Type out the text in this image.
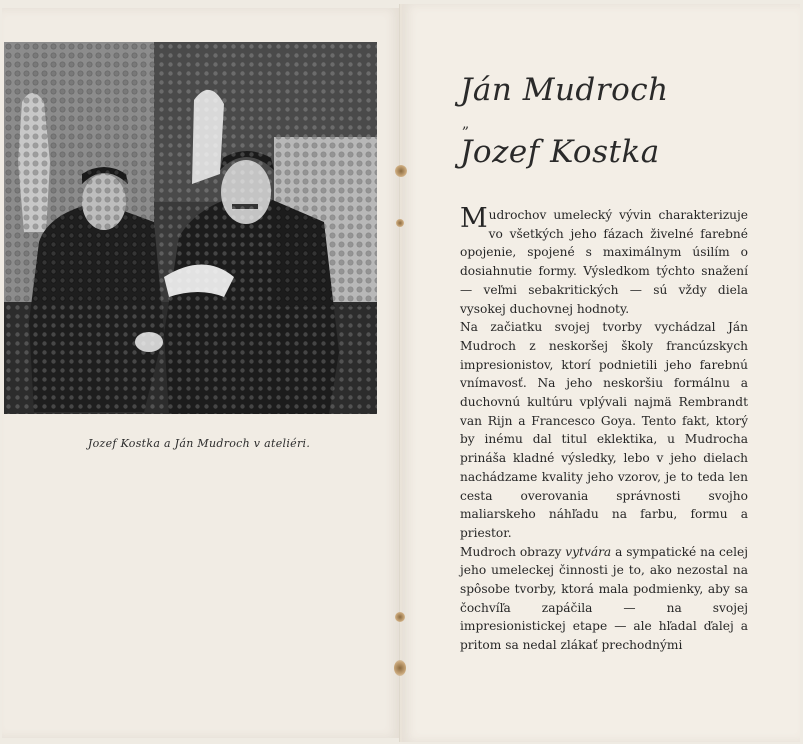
Jozef Kostka a Ján Mudroch v ateliéri.
Ján Mudroch
„
Jozef Kostka

Mudrochov umelecký vývin charakterizuje vo všetkých jeho fázach živelné farebné opojenie, spojené s maximálnym úsilím o dosiahnutie formy. Výsledkom týchto snažení — veľmi sebakritických — sú vždy diela vysokej duchovnej hodnoty.

Na začiatku svojej tvorby vychádzal Ján Mudroch z neskoršej školy francúzskych impresionistov, ktorí podnietili jeho farebnú vnímavosť. Na jeho neskoršiu formálnu a duchovnú kultúru vplývali najmä Rembrandt van Rijn a Francesco Goya. Tento fakt, ktorý by inému dal titul eklektika, u Mudrocha prináša kladné výsledky, lebo v jeho dielach nachádzame kvality jeho vzorov, je to teda len cesta overovania správnosti svojho maliarskeho náhľadu na farbu, formu a priestor.

Mudroch obrazy vytvára a sympatické na celej jeho umeleckej činnosti je to, ako nezostal na spôsobe tvorby, ktorá mala podmienky, aby sa čochvíľa zapáčila — na svojej impresionistickej etape — ale hľadal ďalej a pritom sa nedal zlákať prechodnými
